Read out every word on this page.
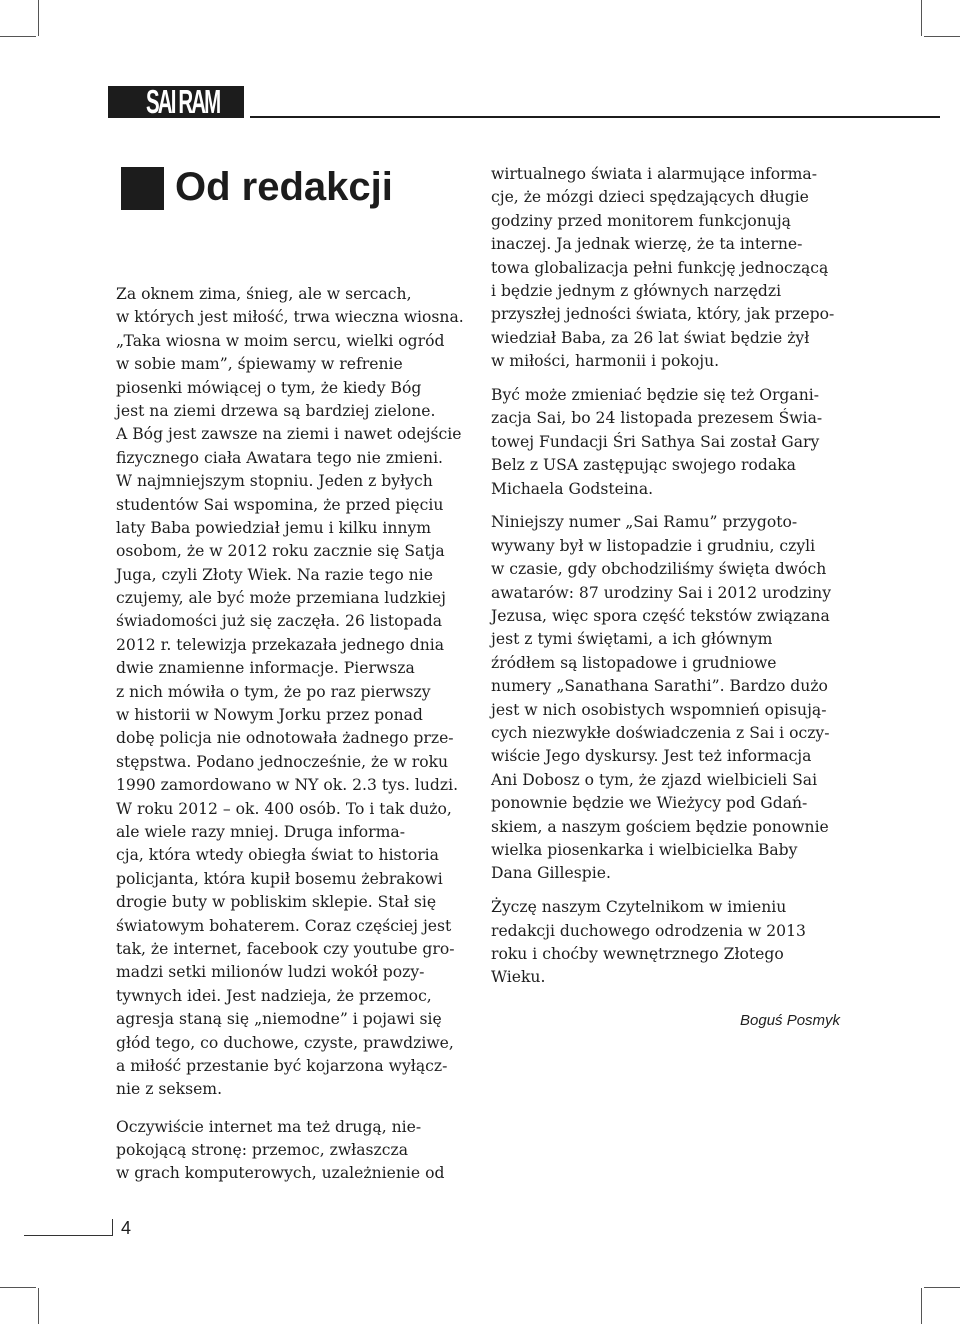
SAI RAM
Od redakcji

Za oknem zima, śnieg, ale w sercach,
w których jest miłość, trwa wieczna wiosna.
„Taka wiosna w moim sercu, wielki ogród
w sobie mam”, śpiewamy w refrenie
piosenki mówiącej o tym, że kiedy Bóg
jest na ziemi drzewa są bardziej zielone.
A Bóg jest zawsze na ziemi i nawet odejście
fizycznego ciała Awatara tego nie zmieni.
W najmniejszym stopniu. Jeden z byłych
studentów Sai wspomina, że przed pięciu
laty Baba powiedział jemu i kilku innym
osobom, że w 2012 roku zacznie się Satja
Juga, czyli Złoty Wiek. Na razie tego nie
czujemy, ale być może przemiana ludzkiej
świadomości już się zaczęła. 26 listopada
2012 r. telewizja przekazała jednego dnia
dwie znamienne informacje. Pierwsza
z nich mówiła o tym, że po raz pierwszy
w historii w Nowym Jorku przez ponad
dobę policja nie odnotowała żadnego prze-
stępstwa. Podano jednocześnie, że w roku
1990 zamordowano w NY ok. 2.3 tys. ludzi.
W roku 2012 – ok. 400 osób. To i tak dużo,
ale wiele razy mniej. Druga informa-
cja, która wtedy obiegła świat to historia
policjanta, która kupił bosemu żebrakowi
drogie buty w pobliskim sklepie. Stał się
światowym bohaterem. Coraz częściej jest
tak, że internet, facebook czy youtube gro-
madzi setki milionów ludzi wokół pozy-
tywnych idei. Jest nadzieja, że przemoc,
agresja staną się „niemodne” i pojawi się
głód tego, co duchowe, czyste, prawdziwe,
a miłość przestanie być kojarzona wyłącz-
nie z seksem.

Oczywiście internet ma też drugą, nie-
pokojącą stronę: przemoc, zwłaszcza
w grach komputerowych, uzależnienie od

wirtualnego świata i alarmujące informa-
cje, że mózgi dzieci spędzających długie
godziny przed monitorem funkcjonują
inaczej. Ja jednak wierzę, że ta interne-
towa globalizacja pełni funkcję jednoczącą
i będzie jednym z głównych narzędzi
przyszłej jedności świata, który, jak przepo-
wiedział Baba, za 26 lat świat będzie żył
w miłości, harmonii i pokoju.

Być może zmieniać będzie się też Organi-
zacja Sai, bo 24 listopada prezesem Świa-
towej Fundacji Śri Sathya Sai został Gary
Belz z USA zastępując swojego rodaka
Michaela Godsteina.

Niniejszy numer „Sai Ramu” przygoto-
wywany był w listopadzie i grudniu, czyli
w czasie, gdy obchodziliśmy święta dwóch
awatarów: 87 urodziny Sai i 2012 urodziny
Jezusa, więc spora część tekstów związana
jest z tymi świętami, a ich głównym
źródłem są listopadowe i grudniowe
numery „Sanathana Sarathi”. Bardzo dużo
jest w nich osobistych wspomnień opisują-
cych niezwykłe doświadczenia z Sai i oczy-
wiście Jego dyskursy. Jest też informacja
Ani Dobosz o tym, że zjazd wielbicieli Sai
ponownie będzie we Wieżycy pod Gdań-
skiem, a naszym gościem będzie ponownie
wielka piosenkarka i wielbicielka Baby
Dana Gillespie.

Życzę naszym Czytelnikom w imieniu
redakcji duchowego odrodzenia w 2013
roku i choćby wewnętrznego Złotego
Wieku.

Boguś Posmyk

4
